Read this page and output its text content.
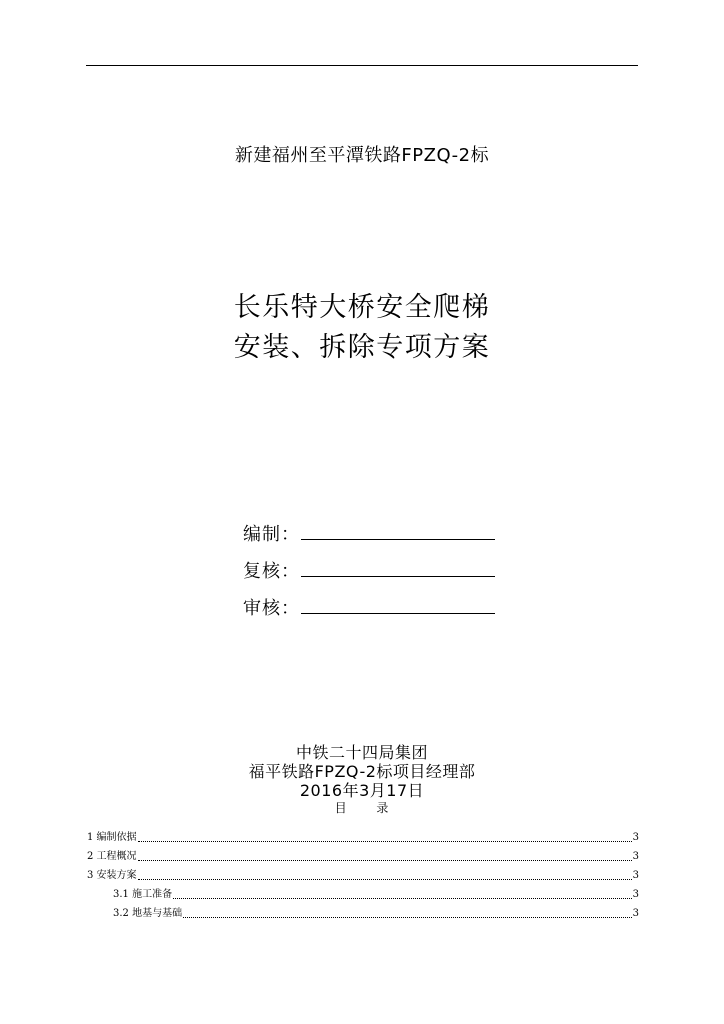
新建福州至平潭铁路FPZQ-2标
长乐特大桥安全爬梯
安装、拆除专项方案
编制：
复核：
审核：
中铁二十四局集团
福平铁路FPZQ-2标项目经理部
2016年3月17日
目 录
1 编制依据	3
2 工程概况	3
3 安装方案	3
3.1 施工准备	3
3.2 地基与基础	3
